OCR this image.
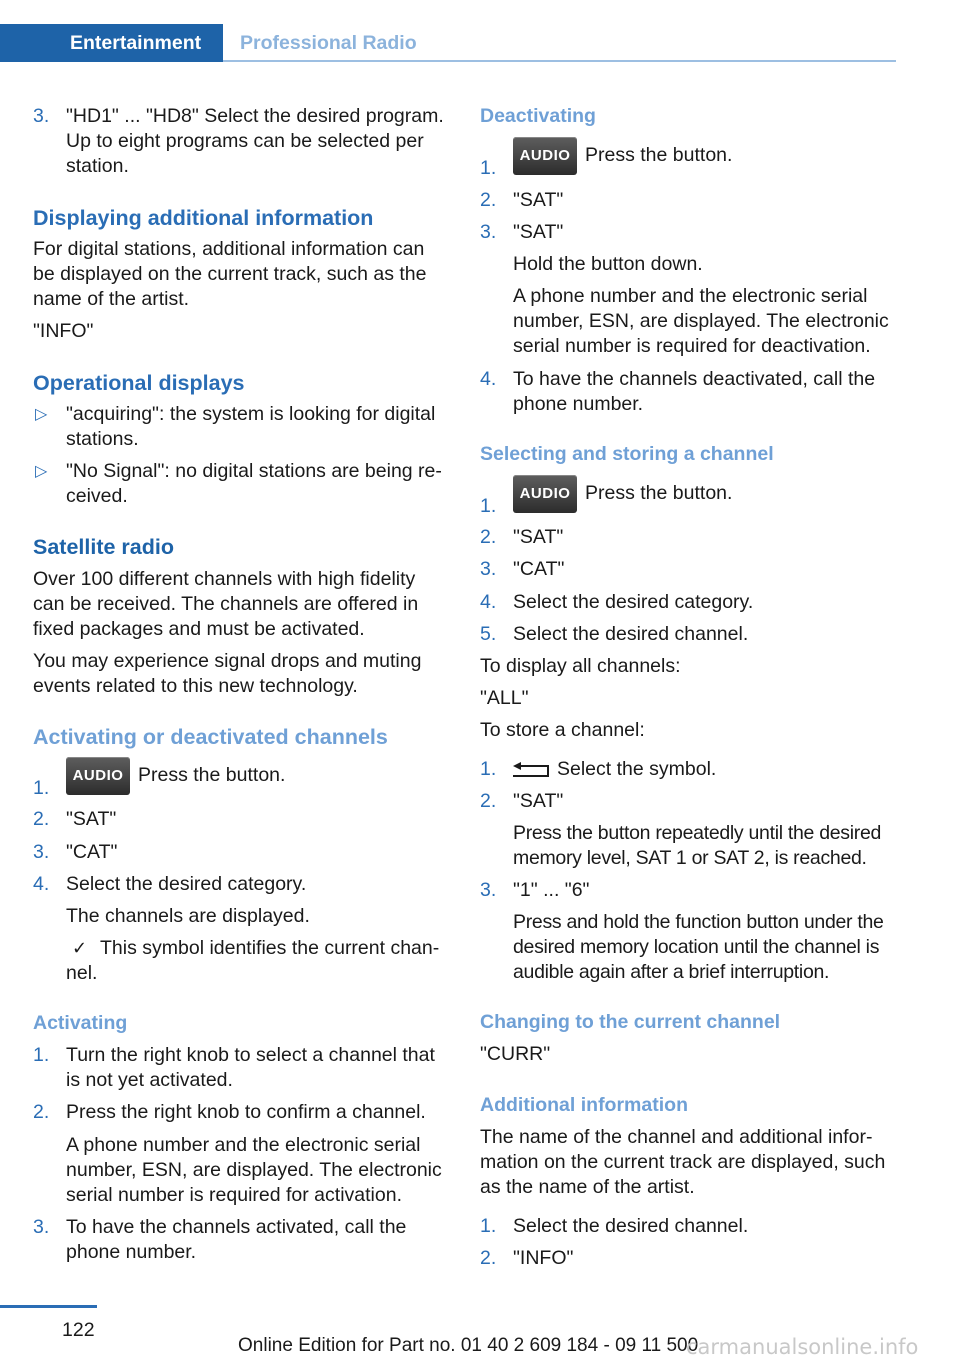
Entertainment	Professional Radio
3. "HD1" ... "HD8" Select the desired program. Up to eight programs can be selected per station.
Displaying additional information
For digital stations, additional information can be displayed on the current track, such as the name of the artist.
"INFO"
Operational displays
▷ "acquiring": the system is looking for digital stations.
▷ "No Signal": no digital stations are being received.
Satellite radio
Over 100 different channels with high fidelity can be received. The channels are offered in fixed packages and must be activated.
You may experience signal drops and muting events related to this new technology.
Activating or deactivated channels
1.
AUDIO Press the button.
2. "SAT"
3. "CAT"
4. Select the desired category.
The channels are displayed.
✓ This symbol identifies the current channel.
Activating
1. Turn the right knob to select a channel that is not yet activated.
2. Press the right knob to confirm a channel.
A phone number and the electronic serial number, ESN, are displayed. The electronic serial number is required for activation.
3. To have the channels activated, call the phone number.
Deactivating
1.
AUDIO Press the button.
2. "SAT"
3. "SAT"
Hold the button down.
A phone number and the electronic serial number, ESN, are displayed. The electronic serial number is required for deactivation.
4. To have the channels deactivated, call the phone number.
Selecting and storing a channel
1.
AUDIO Press the button.
2. "SAT"
3. "CAT"
4. Select the desired category.
5. Select the desired channel.
To display all channels:
"ALL"
To store a channel:
1.	Select the symbol.
2. "SAT"
Press the button repeatedly until the desired memory level, SAT 1 or SAT 2, is reached.
3. "1" ... "6"
Press and hold the function button under the desired memory location until the channel is audible again after a brief interruption.
Changing to the current channel
"CURR"
Additional information
The name of the channel and additional information on the current track are displayed, such as the name of the artist.
1. Select the desired channel.
2. "INFO"
122
Online Edition for Part no. 01 40 2 609 184 - 09 11 500
carmanualsonline.info
